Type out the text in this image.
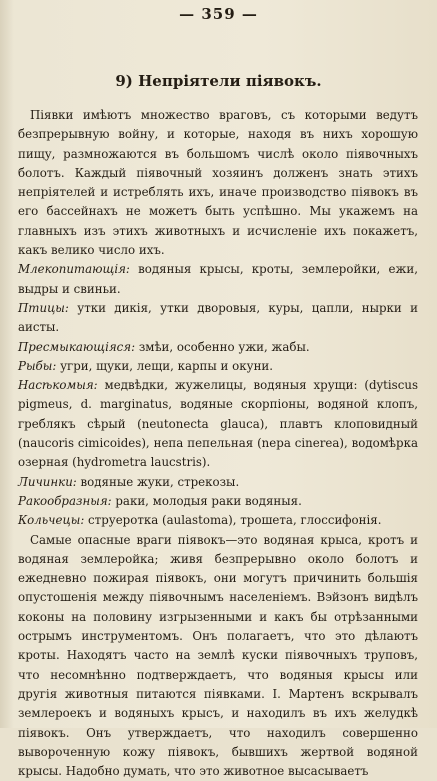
— 359 —
9) Непріятели піявокъ.

Піявки имѣютъ множество враговъ, съ которыми ведутъ безпрерывную войну, и которые, находя въ нихъ хорошую пищу, размножаются въ большомъ числѣ около піявочныхъ болотъ. Каждый піявочный хозяинъ долженъ знать этихъ непріятелей и истреблять ихъ, иначе производство піявокъ въ его бассейнахъ не можетъ быть успѣшно. Мы укажемъ на главныхъ изъ этихъ животныхъ и исчисленіе ихъ покажетъ, какъ велико число ихъ.

Млекопитающія: водяныя крысы, кроты, землеройки, ежи, выдры и свиньи.

Птицы: утки дикія, утки дворовыя, куры, цапли, нырки и аисты.

Пресмыкающіяся: змѣи, особенно ужи, жабы.

Рыбы: угри, щуки, лещи, карпы и окуни.

Насѣкомыя: медвѣдки, жужелицы, водяныя хрущи: (dytiscus pigmeus, d. marginatus, водяные скорпіоны, водяной клопъ, греблякъ сѣрый (neutonecta glauca), плавтъ клоповидный (naucoris cimicoides), непа пепельная (nepa cinerea), водомѣрка озерная (hydrometra laucstris).

Личинки: водяные жуки, стрекозы.

Ракообразныя: раки, молодыя раки водяныя.

Кольчецы: струеротка (aulastoma), трошета, глоссифонія.

Самые опасные враги піявокъ—это водяная крыса, кротъ и водяная землеройка; живя безпрерывно около болотъ и ежедневно пожирая піявокъ, они могутъ причинить большія опустошенія между піявочнымъ населеніемъ. Вэйзонъ видѣлъ коконы на половину изгрызенными и какъ бы отрѣзанными острымъ инструментомъ. Онъ полагаетъ, что это дѣлаютъ кроты. Находятъ часто на землѣ куски піявочныхъ труповъ, что несомнѣнно подтверждаетъ, что водяныя крысы или другія животныя питаются піявками. І. Мартенъ вскрывалъ землероекъ и водяныхъ крысъ, и находилъ въ ихъ желудкѣ піявокъ. Онъ утверждаетъ, что находилъ совершенно вывороченную кожу піявокъ, бывшихъ жертвой водяной крысы. Надобно думать, что это животное высасываетъ
